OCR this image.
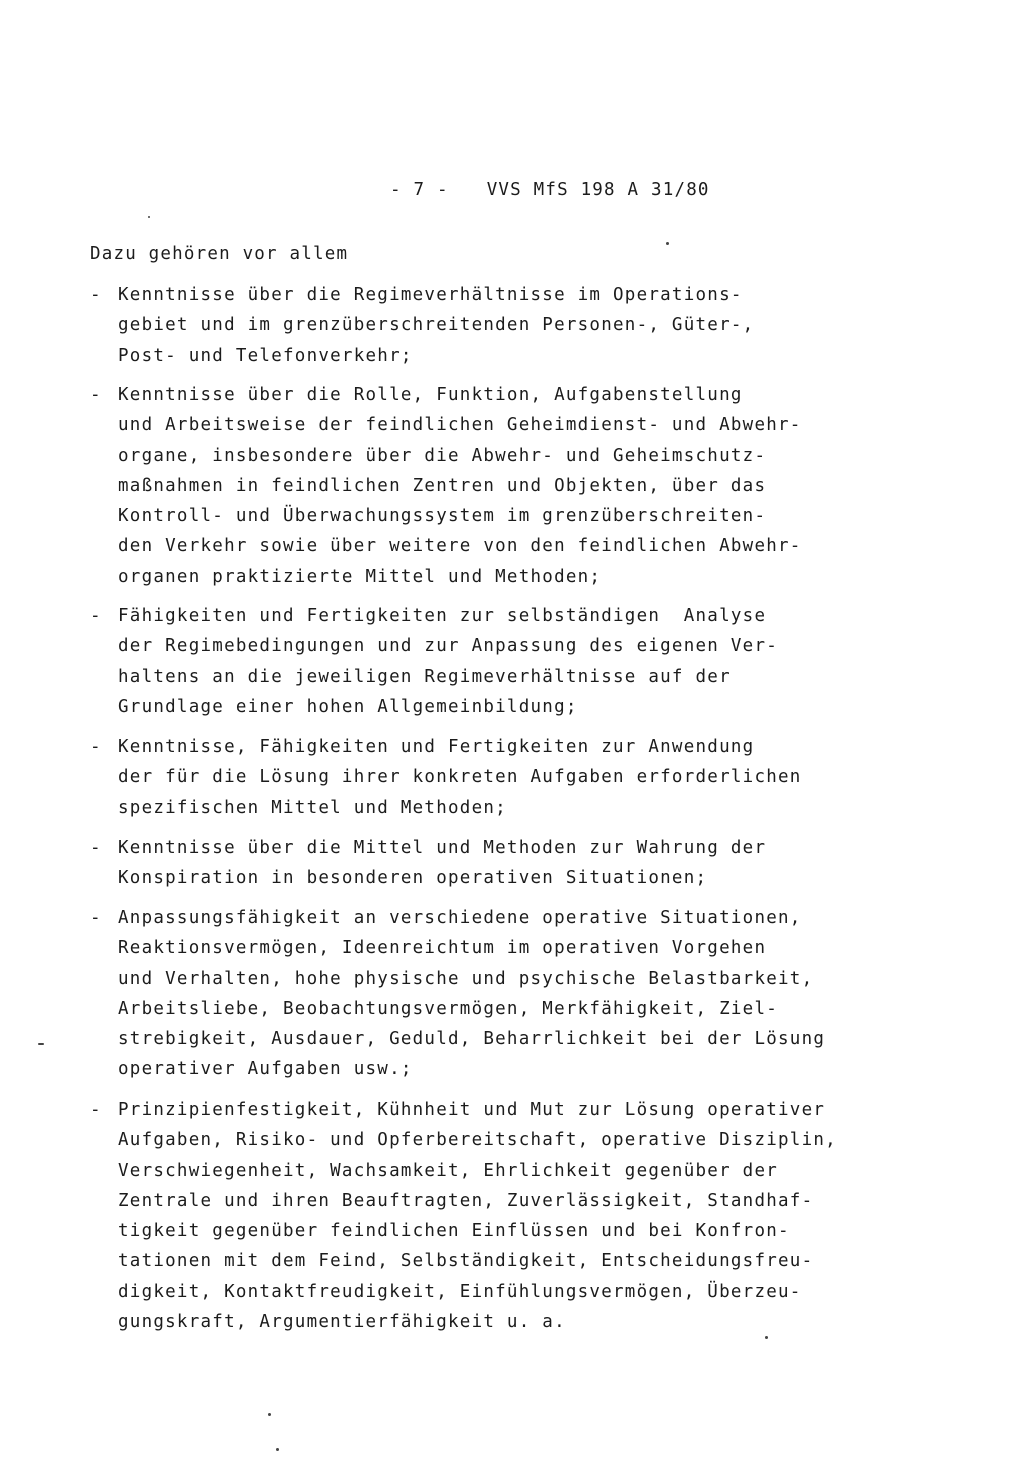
- 7 - VVS MfS 198 A 31/80
Dazu gehören vor allem
- Kenntnisse über die Regimeverhältnisse im Operations-
gebiet und im grenzüberschreitenden Personen-, Güter-,
Post- und Telefonverkehr;
- Kenntnisse über die Rolle, Funktion, Aufgabenstellung
und Arbeitsweise der feindlichen Geheimdienst- und Abwehr-
organe, insbesondere über die Abwehr- und Geheimschutz-
maßnahmen in feindlichen Zentren und Objekten, über das
Kontroll- und Überwachungssystem im grenzüberschreiten-
den Verkehr sowie über weitere von den feindlichen Abwehr-
organen praktizierte Mittel und Methoden;
- Fähigkeiten und Fertigkeiten zur selbständigen  Analyse
der Regimebedingungen und zur Anpassung des eigenen Ver-
haltens an die jeweiligen Regimeverhältnisse auf der
Grundlage einer hohen Allgemeinbildung;
- Kenntnisse, Fähigkeiten und Fertigkeiten zur Anwendung
der für die Lösung ihrer konkreten Aufgaben erforderlichen
spezifischen Mittel und Methoden;
- Kenntnisse über die Mittel und Methoden zur Wahrung der
Konspiration in besonderen operativen Situationen;
- Anpassungsfähigkeit an verschiedene operative Situationen,
Reaktionsvermögen, Ideenreichtum im operativen Vorgehen
und Verhalten, hohe physische und psychische Belastbarkeit,
Arbeitsliebe, Beobachtungsvermögen, Merkfähigkeit, Ziel-
strebigkeit, Ausdauer, Geduld, Beharrlichkeit bei der Lösung
operativer Aufgaben usw.;
- Prinzipienfestigkeit, Kühnheit und Mut zur Lösung operativer
Aufgaben, Risiko- und Opferbereitschaft, operative Disziplin,
Verschwiegenheit, Wachsamkeit, Ehrlichkeit gegenüber der
Zentrale und ihren Beauftragten, Zuverlässigkeit, Standhaf-
tigkeit gegenüber feindlichen Einflüssen und bei Konfron-
tationen mit dem Feind, Selbständigkeit, Entscheidungsfreu-
digkeit, Kontaktfreudigkeit, Einfühlungsvermögen, Überzeu-
gungskraft, Argumentierfähigkeit u. a.
